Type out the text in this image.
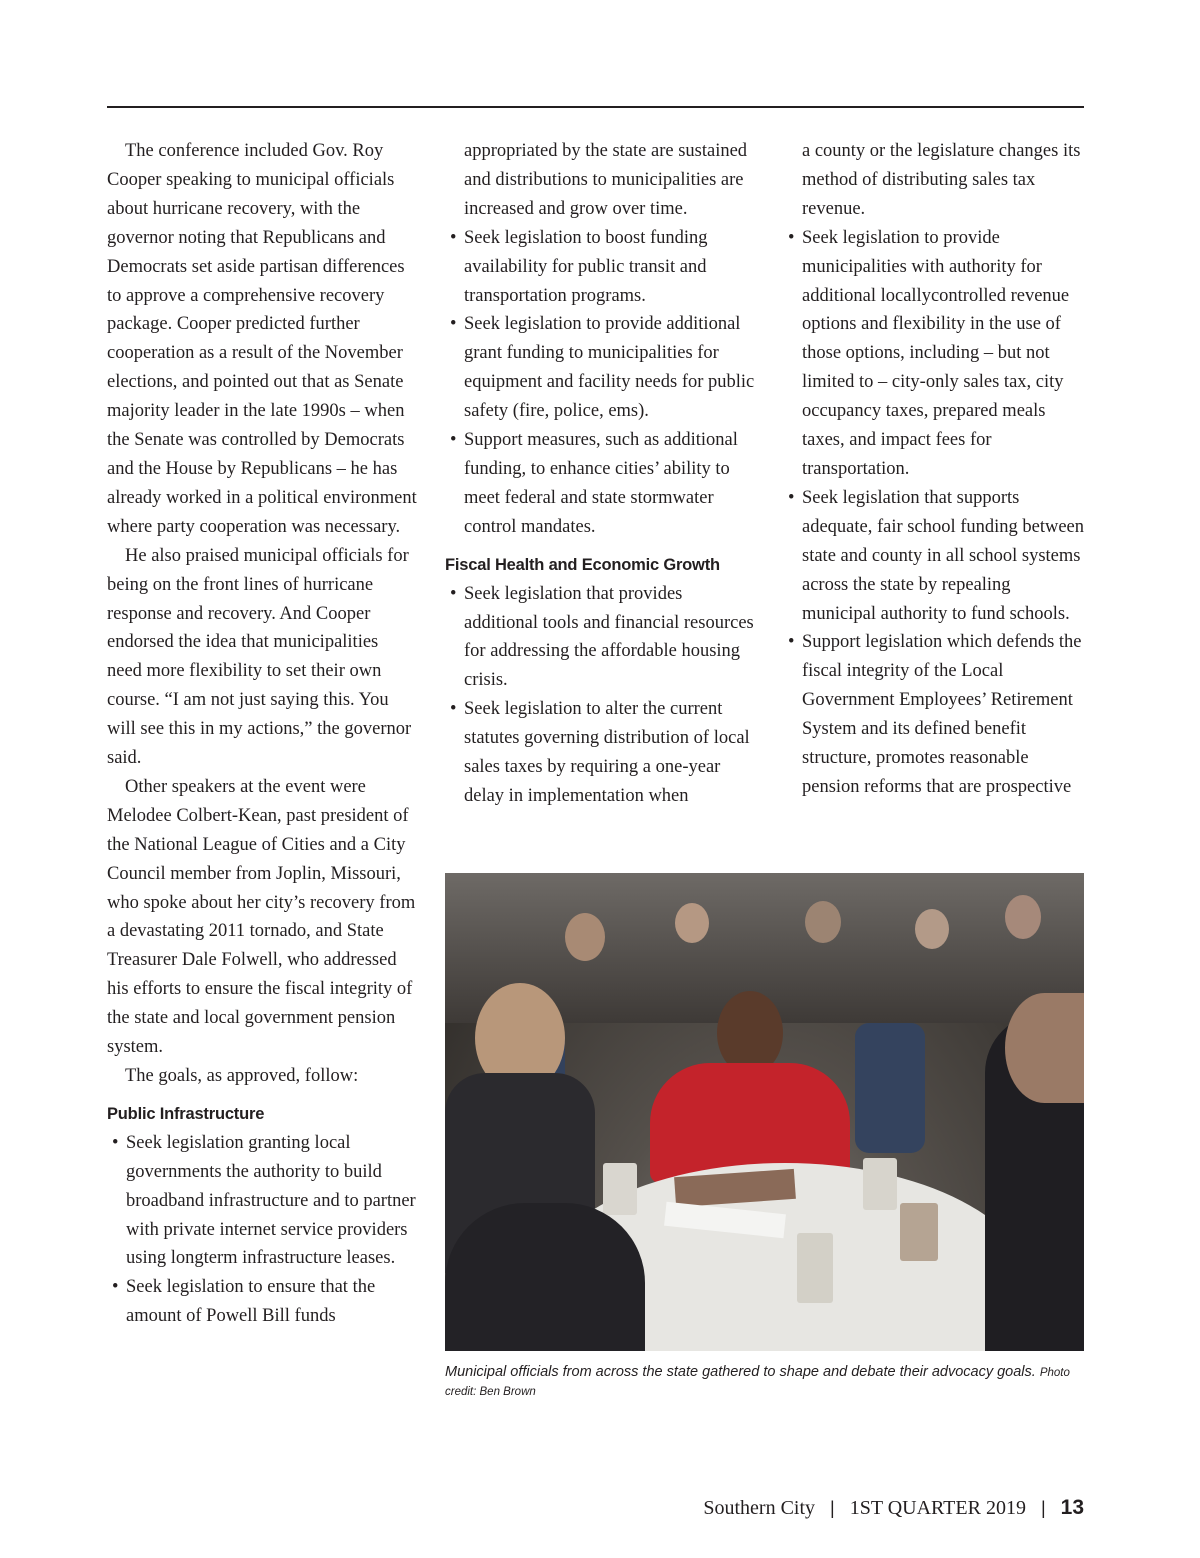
The conference included Gov. Roy Cooper speaking to municipal officials about hurricane recovery, with the governor noting that Republicans and Democrats set aside partisan differences to approve a comprehensive recovery package. Cooper predicted further cooperation as a result of the November elections, and pointed out that as Senate majority leader in the late 1990s – when the Senate was controlled by Democrats and the House by Republicans – he has already worked in a political environment where party cooperation was necessary.

He also praised municipal officials for being on the front lines of hurricane response and recovery. And Cooper endorsed the idea that municipalities need more flexibility to set their own course. “I am not just saying this. You will see this in my actions,” the governor said.

Other speakers at the event were Melodee Colbert-Kean, past president of the National League of Cities and a City Council member from Joplin, Missouri, who spoke about her city’s recovery from a devastating 2011 tornado, and State Treasurer Dale Folwell, who addressed his efforts to ensure the fiscal integrity of the state and local government pension system.

The goals, as approved, follow:

Public Infrastructure
• Seek legislation granting local governments the authority to build broadband infrastructure and to partner with private internet service providers using longterm infrastructure leases.
• Seek legislation to ensure that the amount of Powell Bill funds

appropriated by the state are sustained and distributions to municipalities are increased and grow over time.

• Seek legislation to boost funding availability for public transit and transportation programs.
• Seek legislation to provide additional grant funding to municipalities for equipment and facility needs for public safety (fire, police, ems).
• Support measures, such as additional funding, to enhance cities’ ability to meet federal and state stormwater control mandates.
Fiscal Health and Economic Growth
• Seek legislation that provides additional tools and financial resources for addressing the affordable housing crisis.
• Seek legislation to alter the current statutes governing distribution of local sales taxes by requiring a one-year delay in implementation when

a county or the legislature changes its method of distributing sales tax revenue.

• Seek legislation to provide municipalities with authority for additional locallycontrolled revenue options and flexibility in the use of those options, including – but not limited to – city-only sales tax, city occupancy taxes, prepared meals taxes, and impact fees for transportation.
• Seek legislation that supports adequate, fair school funding between state and county in all school systems across the state by repealing municipal authority to fund schools.
• Support legislation which defends the fiscal integrity of the Local Government Employees’ Retirement System and its defined benefit structure, promotes reasonable pension reforms that are prospective
Municipal officials from across the state gathered to shape and debate their advocacy goals. Photo credit: Ben Brown
Southern City | 1ST QUARTER 2019 | 13
